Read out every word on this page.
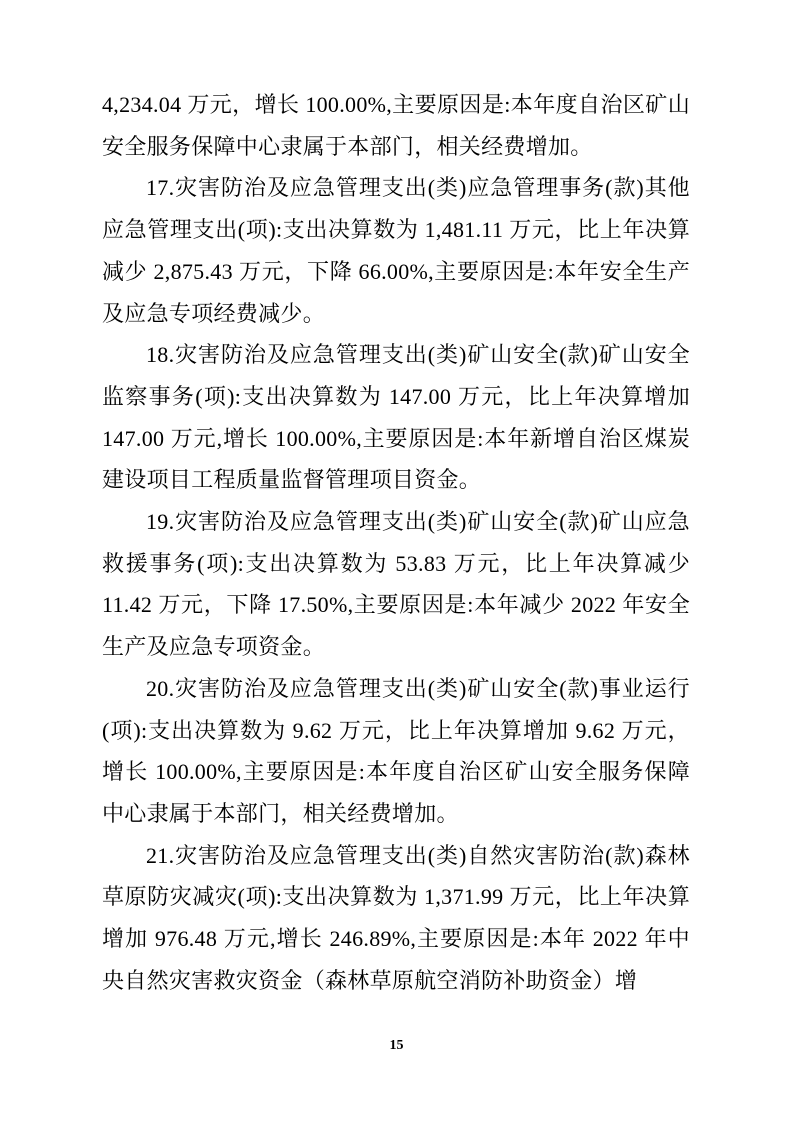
4,234.04 万元，增长 100.00%,主要原因是:本年度自治区矿山安全服务保障中心隶属于本部门，相关经费增加。

17.灾害防治及应急管理支出(类)应急管理事务(款)其他应急管理支出(项):支出决算数为 1,481.11 万元，比上年决算减少 2,875.43 万元，下降 66.00%,主要原因是:本年安全生产及应急专项经费减少。

18.灾害防治及应急管理支出(类)矿山安全(款)矿山安全监察事务(项):支出决算数为 147.00 万元，比上年决算增加 147.00 万元,增长 100.00%,主要原因是:本年新增自治区煤炭建设项目工程质量监督管理项目资金。

19.灾害防治及应急管理支出(类)矿山安全(款)矿山应急救援事务(项):支出决算数为 53.83 万元，比上年决算减少 11.42 万元，下降 17.50%,主要原因是:本年减少 2022 年安全生产及应急专项资金。

20.灾害防治及应急管理支出(类)矿山安全(款)事业运行(项):支出决算数为 9.62 万元，比上年决算增加 9.62 万元，增长 100.00%,主要原因是:本年度自治区矿山安全服务保障中心隶属于本部门，相关经费增加。

21.灾害防治及应急管理支出(类)自然灾害防治(款)森林草原防灾减灾(项):支出决算数为 1,371.99 万元，比上年决算增加 976.48 万元,增长 246.89%,主要原因是:本年 2022 年中央自然灾害救灾资金（森林草原航空消防补助资金）增

15
